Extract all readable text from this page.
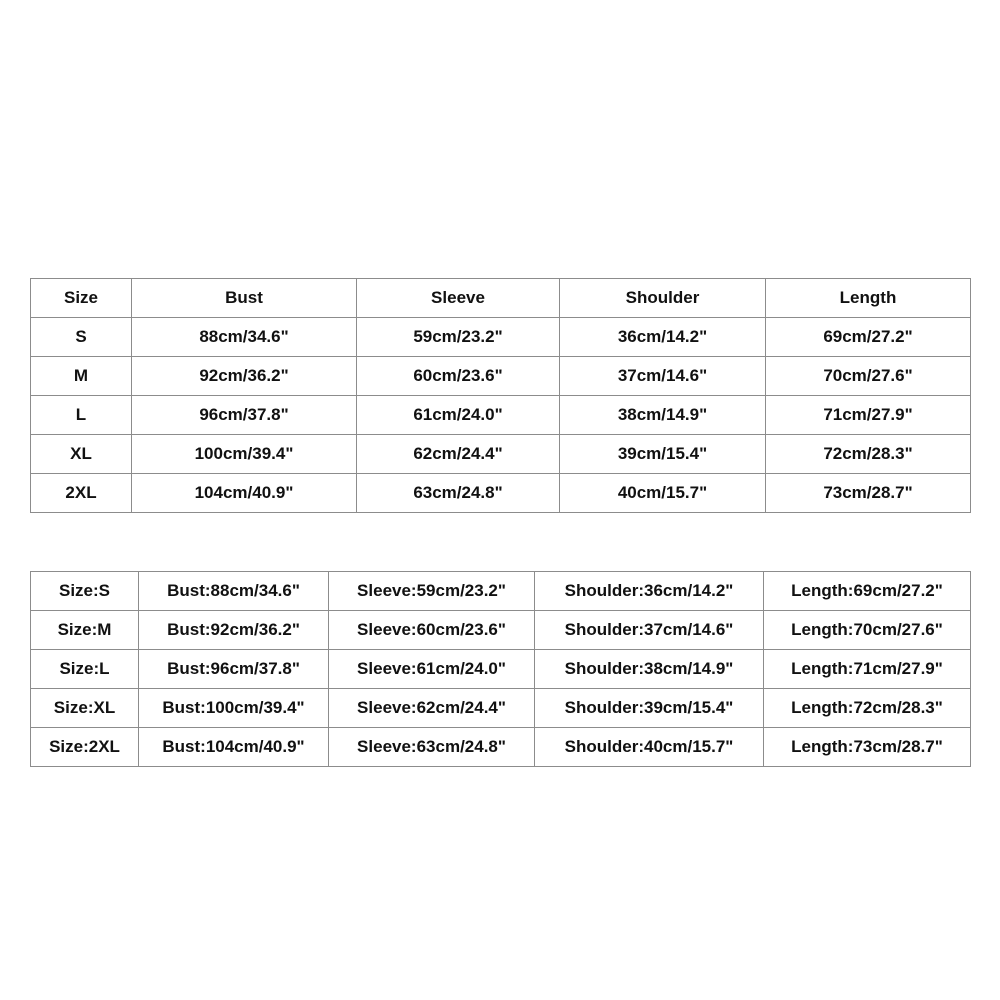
Size	Bust	Sleeve	Shoulder	Length
S	88cm/34.6"	59cm/23.2"	36cm/14.2"	69cm/27.2"
M	92cm/36.2"	60cm/23.6"	37cm/14.6"	70cm/27.6"
L	96cm/37.8"	61cm/24.0"	38cm/14.9"	71cm/27.9"
XL	100cm/39.4"	62cm/24.4"	39cm/15.4"	72cm/28.3"
2XL	104cm/40.9"	63cm/24.8"	40cm/15.7"	73cm/28.7"
Size:S	Bust:88cm/34.6"	Sleeve:59cm/23.2"	Shoulder:36cm/14.2"	Length:69cm/27.2"
Size:M	Bust:92cm/36.2"	Sleeve:60cm/23.6"	Shoulder:37cm/14.6"	Length:70cm/27.6"
Size:L	Bust:96cm/37.8"	Sleeve:61cm/24.0"	Shoulder:38cm/14.9"	Length:71cm/27.9"
Size:XL	Bust:100cm/39.4"	Sleeve:62cm/24.4"	Shoulder:39cm/15.4"	Length:72cm/28.3"
Size:2XL	Bust:104cm/40.9"	Sleeve:63cm/24.8"	Shoulder:40cm/15.7"	Length:73cm/28.7"
